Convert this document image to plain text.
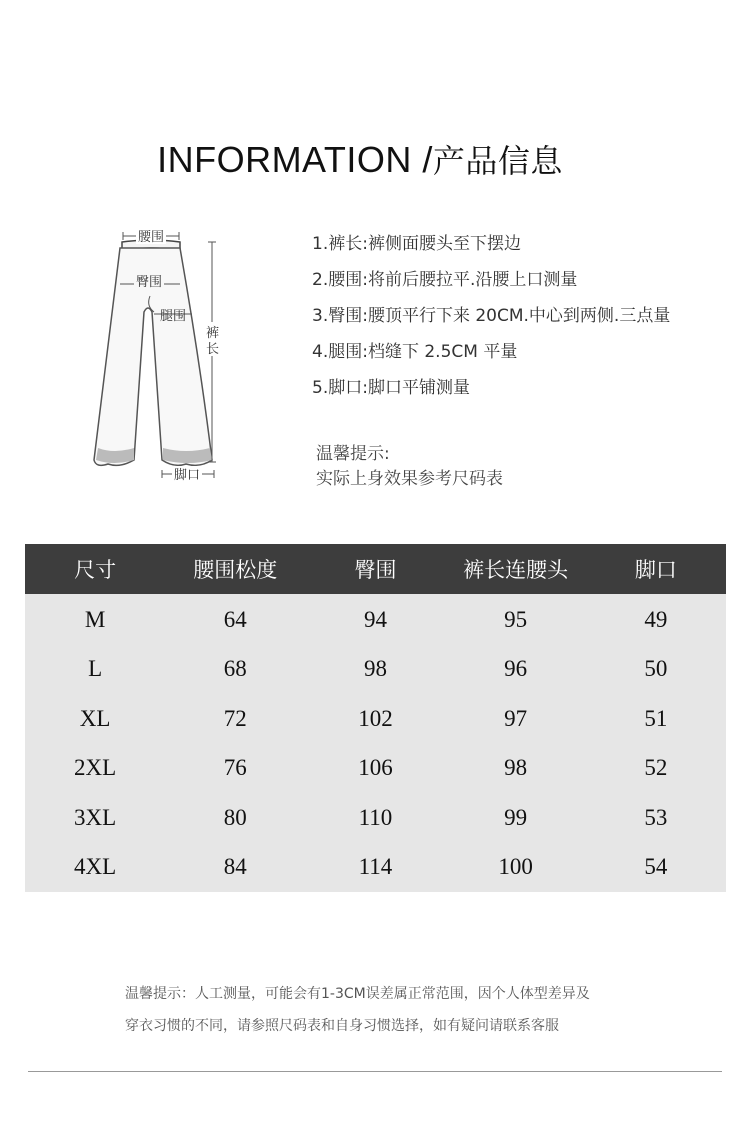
INFORMATION /产品信息
腰围
臀围
腿围
裤长
脚口
1.裤长:裤侧面腰头至下摆边
2.腰围:将前后腰拉平.沿腰上口测量
3.臀围:腰顶平行下来 20CM.中心到两侧.三点量
4.腿围:档缝下 2.5CM 平量
5.脚口:脚口平铺测量
温馨提示:
实际上身效果参考尺码表
尺寸	腰围松度	臀围	裤长连腰头	脚口
M	64	94	95	49
L	68	98	96	50
XL	72	102	97	51
2XL	76	106	98	52
3XL	80	110	99	53
4XL	84	114	100	54
温馨提示：人工测量，可能会有1-3CM误差属正常范围，因个人体型差异及
穿衣习惯的不同，请参照尺码表和自身习惯选择，如有疑问请联系客服
